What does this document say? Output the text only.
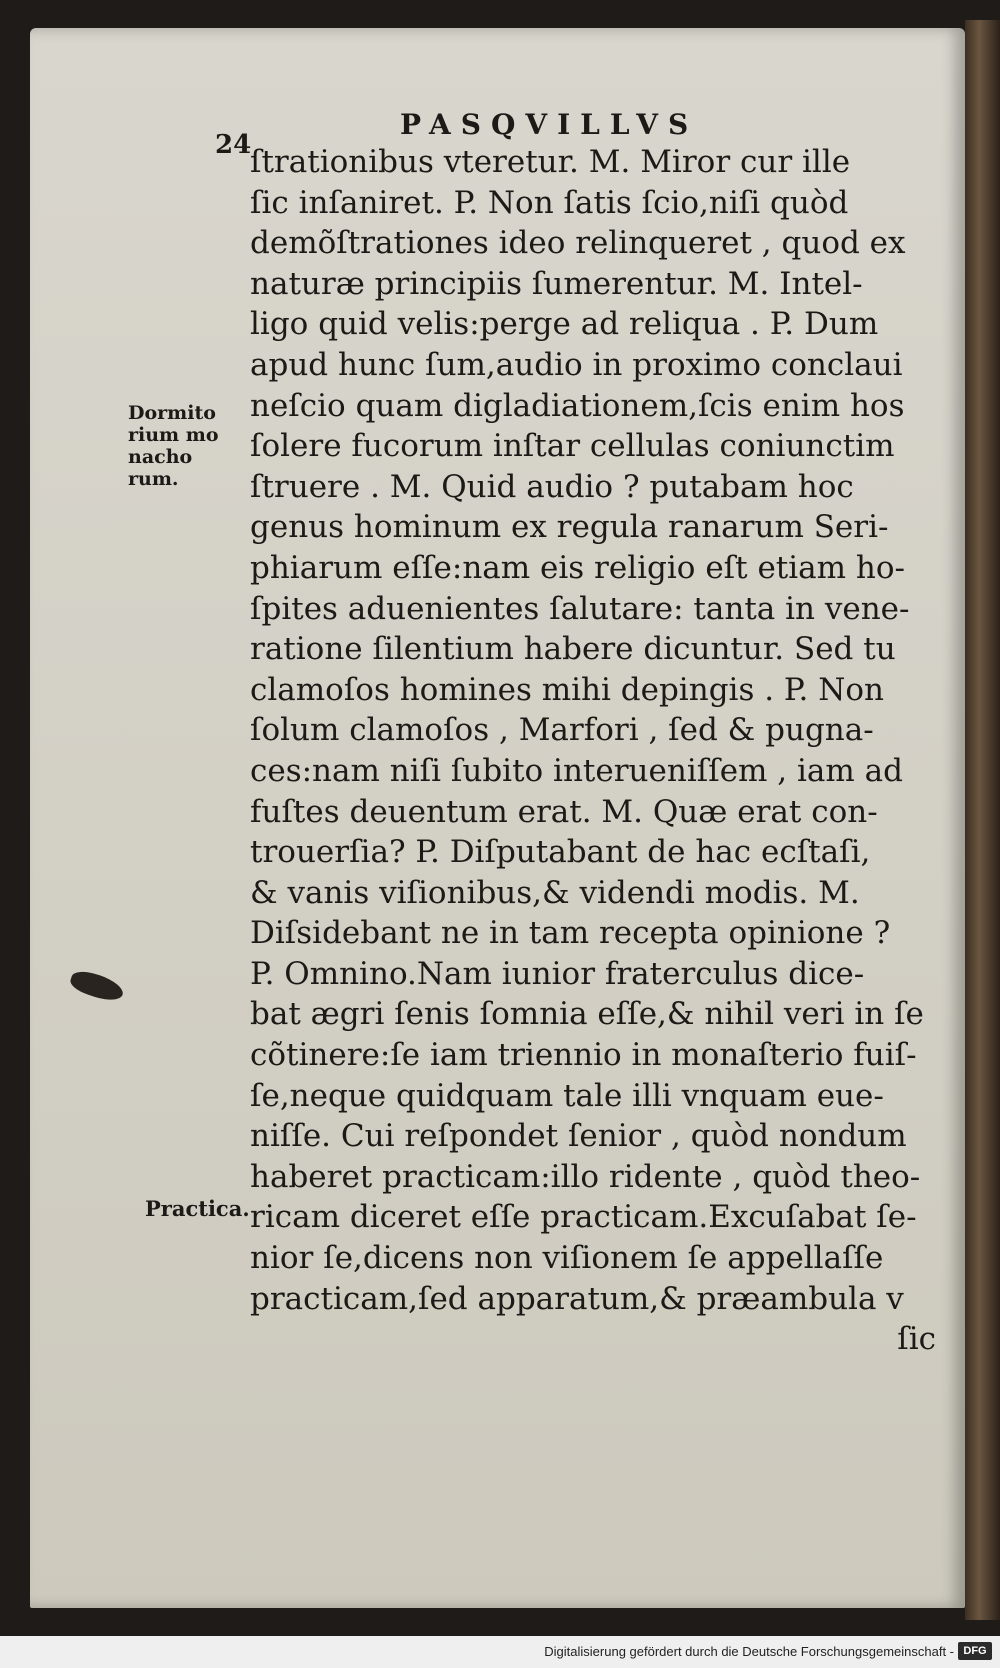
24
PASQVILLVS
Dormito
rium mo
nacho
rum.
Practica.
ſtrationibus vteretur. M. Miror cur ille
ſic inſaniret. P. Non ſatis ſcio,niſi quòd
demõſtrationes ideo relinqueret , quod ex
naturæ principiis ſumerentur. M. Intel-
ligo quid velis:perge ad reliqua . P. Dum
apud hunc ſum,audio in proximo conclaui
neſcio quam digladiationem,ſcis enim hos
ſolere fucorum inſtar cellulas coniunctim
ſtruere . M. Quid audio ? putabam hoc
genus hominum ex regula ranarum Seri-
phiarum eſſe:nam eis religio eſt etiam ho-
ſpites aduenientes ſalutare: tanta in vene-
ratione ſilentium habere dicuntur. Sed tu
clamoſos homines mihi depingis . P. Non
ſolum clamoſos , Marfori , ſed & pugna-
ces:nam niſi ſubito interueniſſem , iam ad
fuſtes deuentum erat. M. Quæ erat con-
trouerſia? P. Diſputabant de hac ecſtaſi,
& vanis viſionibus,& videndi modis. M.
Diſsidebant ne in tam recepta opinione ?
P. Omnino.Nam iunior fraterculus dice-
bat ægri ſenis ſomnia eſſe,& nihil veri in ſe
cõtinere:ſe iam triennio in monaſterio fuiſ-
ſe,neque quidquam tale illi vnquam eue-
niſſe. Cui reſpondet ſenior , quòd nondum
haberet practicam:illo ridente , quòd theo-
ricam diceret eſſe practicam.Excuſabat ſe-
nior ſe,dicens non viſionem ſe appellaſſe
practicam,ſed apparatum,& præambula v
ſic
Digitalisierung gefördert durch die Deutsche Forschungsgemeinschaft - DFG
